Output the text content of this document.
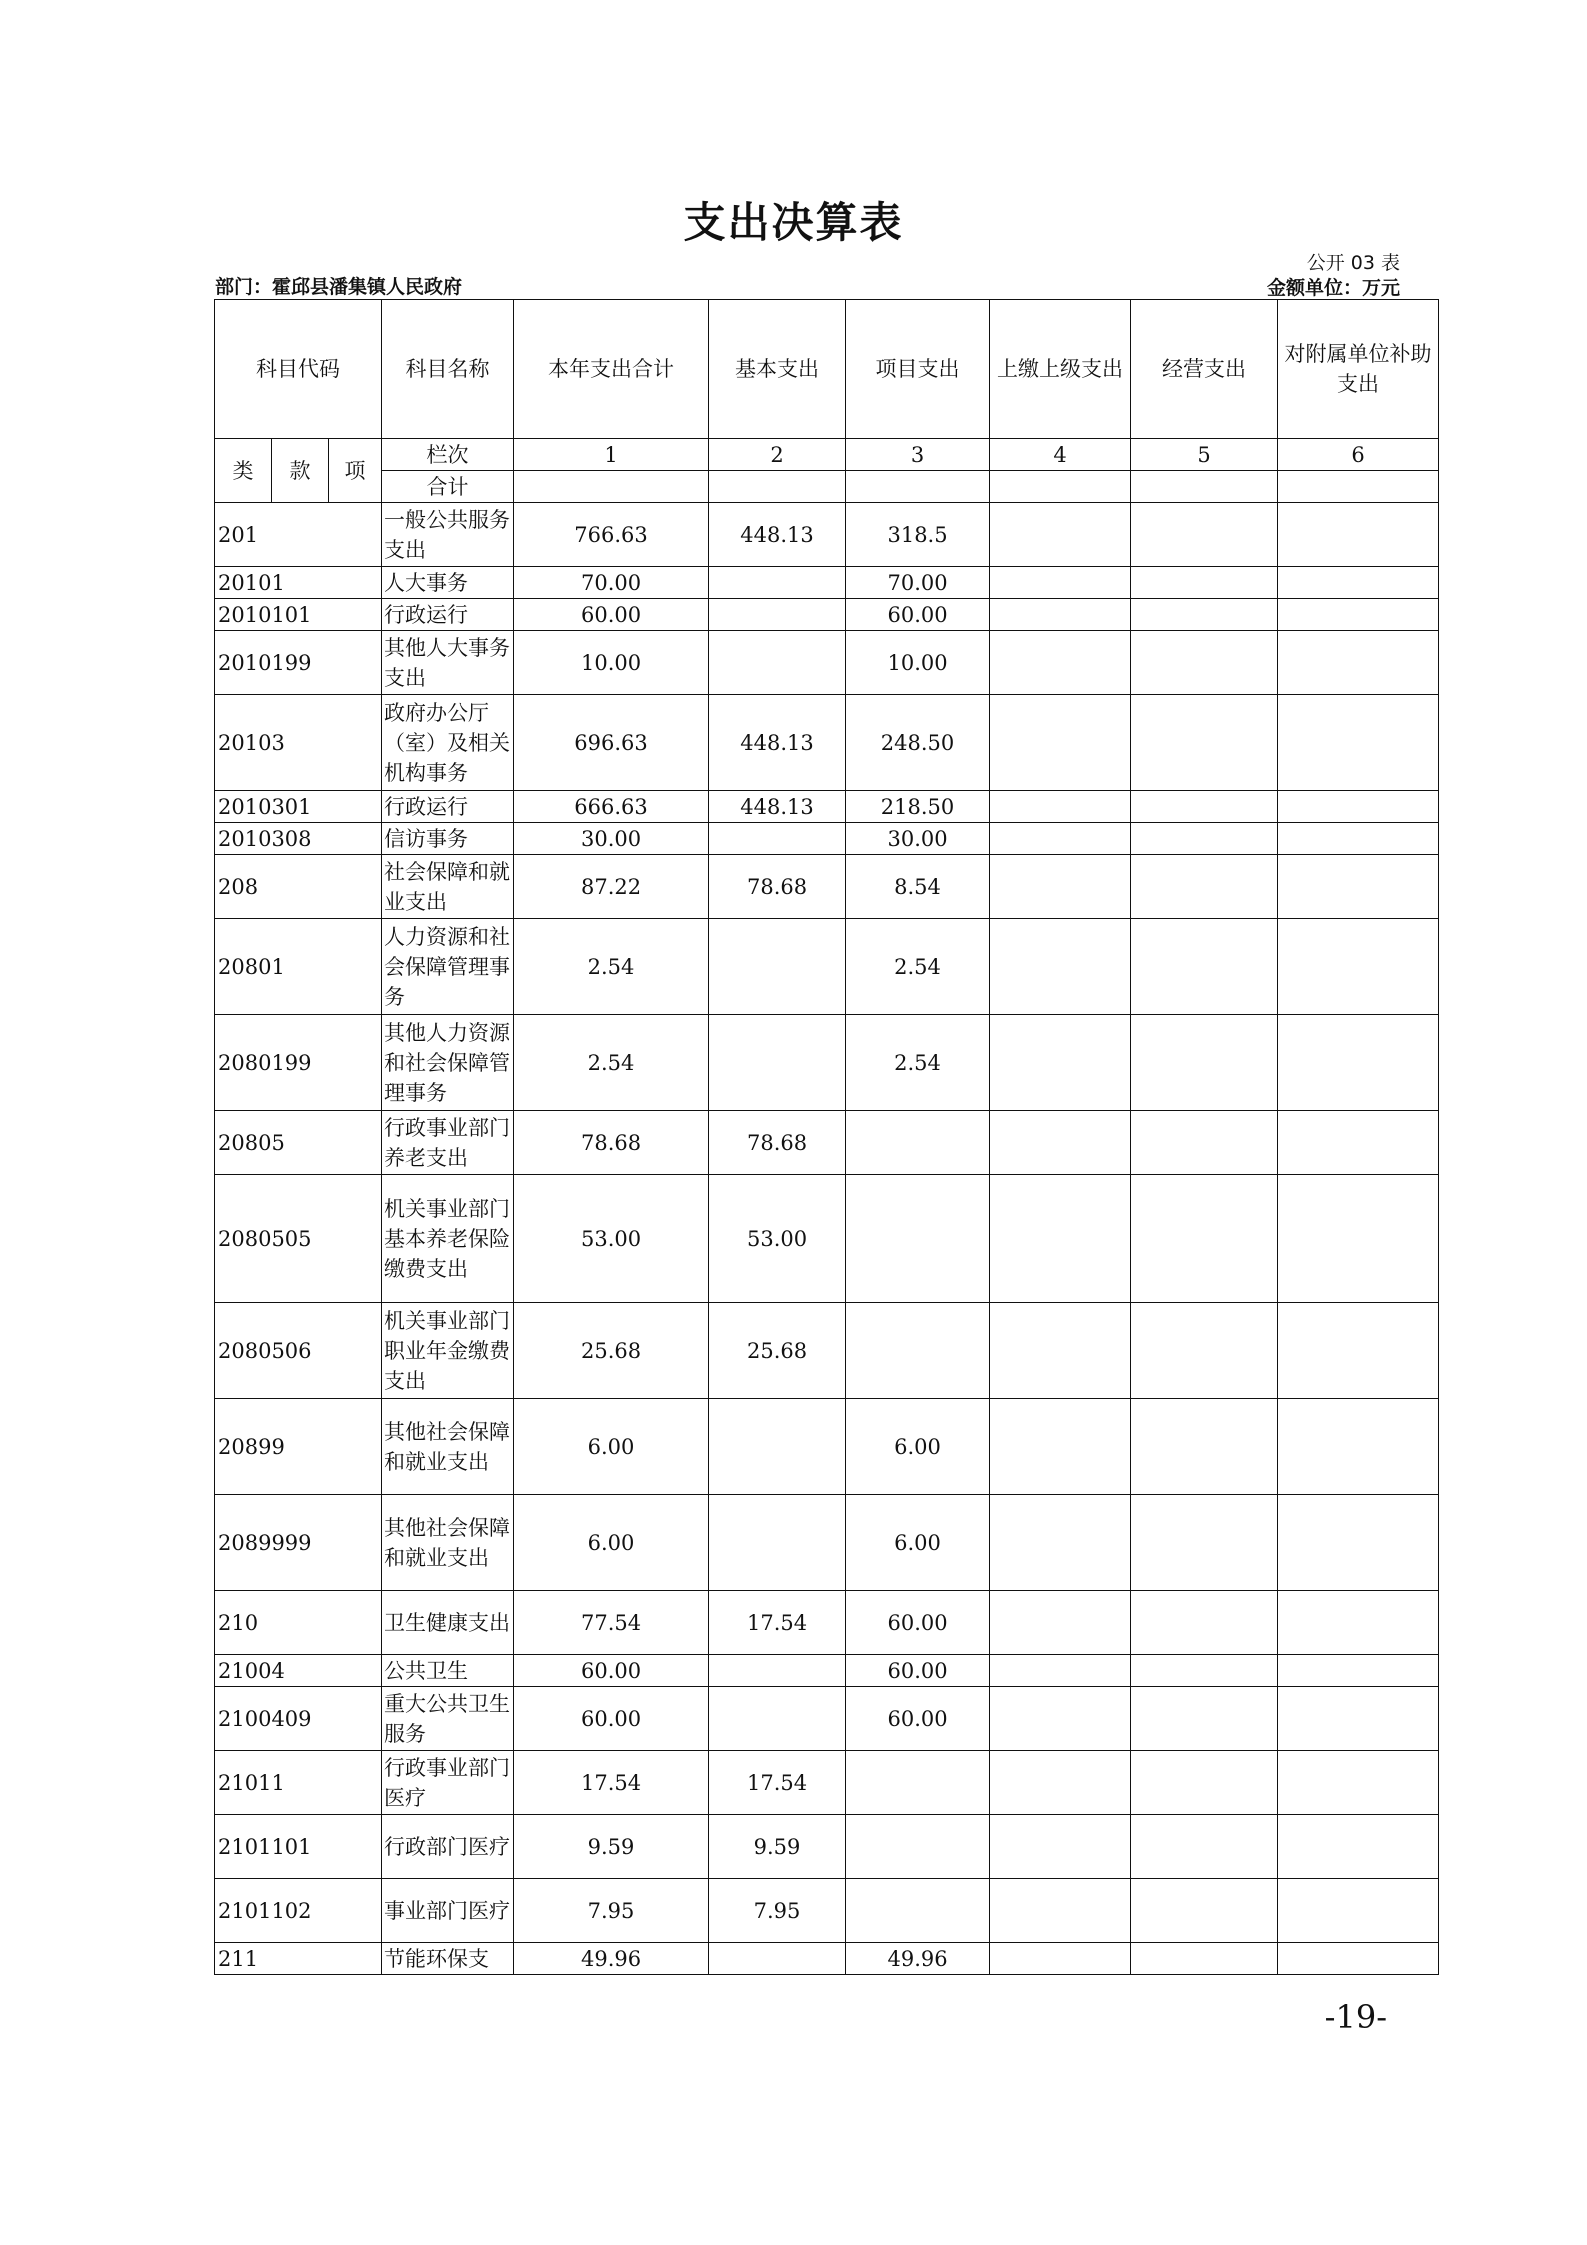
支出决算表
部门：霍邱县潘集镇人民政府
公开 03 表
金额单位：万元
科目代码			科目名称	本年支出合计	基本支出	项目支出	上缴上级支出	经营支出	对附属单位补助支出
类	款	项	栏次	1	2	3	4	5	6
			合计						
201			一般公共服务支出	766.63	448.13	318.5			
20101			人大事务	70.00		70.00			
2010101			行政运行	60.00		60.00			
2010199			其他人大事务支出	10.00		10.00			
20103			政府办公厅（室）及相关机构事务	696.63	448.13	248.50			
2010301			行政运行	666.63	448.13	218.50			
2010308			信访事务	30.00		30.00			
208			社会保障和就业支出	87.22	78.68	8.54			
20801			人力资源和社会保障管理事务	2.54		2.54			
2080199			其他人力资源和社会保障管理事务	2.54		2.54			
20805			行政事业部门养老支出	78.68	78.68				
2080505			机关事业部门基本养老保险缴费支出	53.00	53.00				
2080506			机关事业部门职业年金缴费支出	25.68	25.68				
20899			其他社会保障和就业支出	6.00		6.00			
2089999			其他社会保障和就业支出	6.00		6.00			
210			卫生健康支出	77.54	17.54	60.00			
21004			公共卫生	60.00		60.00			
2100409			重大公共卫生服务	60.00		60.00			
21011			行政事业部门医疗	17.54	17.54				
2101101			行政部门医疗	9.59	9.59				
2101102			事业部门医疗	7.95	7.95				
211			节能环保支	49.96		49.96			
-19-
